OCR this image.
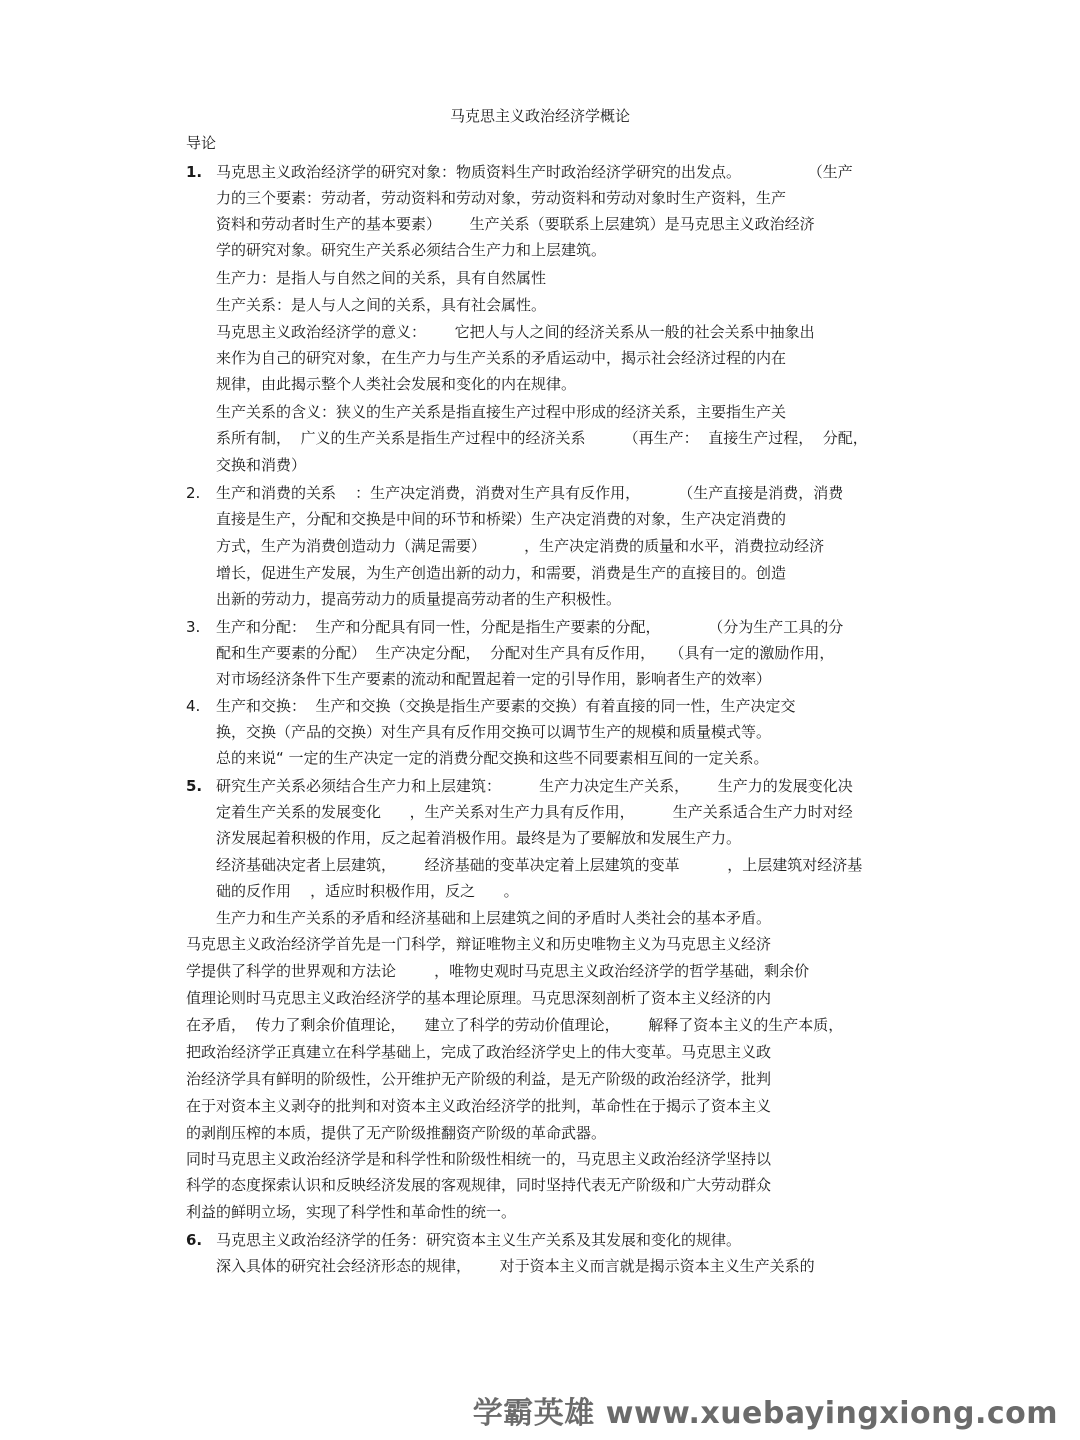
马克思主义政治经济学概论
导论
1.
2.
3.
4.
5.
6.
马克思主义政治经济学的研究对象：物质资料生产时政治经济学研究的出发点。              （生产
力的三个要素：劳动者，劳动资料和劳动对象，劳动资料和劳动对象时生产资料，生产
资料和劳动者时生产的基本要素）      生产关系（要联系上层建筑）是马克思主义政治经济
学的研究对象。研究生产关系必须结合生产力和上层建筑。
生产力：是指人与自然之间的关系，具有自然属性
生产关系：是人与人之间的关系，具有社会属性。
马克思主义政治经济学的意义：      它把人与人之间的经济关系从一般的社会关系中抽象出
来作为自己的研究对象，在生产力与生产关系的矛盾运动中，揭示社会经济过程的内在
规律，由此揭示整个人类社会发展和变化的内在规律。
生产关系的含义：狭义的生产关系是指直接生产过程中形成的经济关系，主要指生产关
系所有制，  广义的生产关系是指生产过程中的经济关系        （再生产：  直接生产过程，  分配，
交换和消费）
生产和消费的关系    ：生产决定消费，消费对生产具有反作用，        （生产直接是消费，消费
直接是生产，分配和交换是中间的环节和桥梁）生产决定消费的对象，生产决定消费的
方式，生产为消费创造动力（满足需要）        ，生产决定消费的质量和水平，消费拉动经济
增长，促进生产发展，为生产创造出新的动力，和需要，消费是生产的直接目的。创造
出新的劳动力，提高劳动力的质量提高劳动者的生产积极性。
生产和分配：  生产和分配具有同一性，分配是指生产要素的分配，          （分为生产工具的分
配和生产要素的分配）  生产决定分配，  分配对生产具有反作用，   （具有一定的激励作用，
对市场经济条件下生产要素的流动和配置起着一定的引导作用，影响者生产的效率）
生产和交换：  生产和交换（交换是指生产要素的交换）有着直接的同一性，生产决定交
换，交换（产品的交换）对生产具有反作用交换可以调节生产的规模和质量模式等。
总的来说“ 一定的生产决定一定的消费分配交换和这些不同要素相互间的一定关系。
研究生产关系必须结合生产力和上层建筑：        生产力决定生产关系，      生产力的发展变化决
定着生产关系的发展变化      ，生产关系对生产力具有反作用，        生产关系适合生产力时对经
济发展起着积极的作用，反之起着消极作用。最终是为了要解放和发展生产力。
经济基础决定者上层建筑，      经济基础的变革决定着上层建筑的变革          ，上层建筑对经济基
础的反作用    ，适应时积极作用，反之      。
生产力和生产关系的矛盾和经济基础和上层建筑之间的矛盾时人类社会的基本矛盾。
马克思主义政治经济学首先是一门科学，辩证唯物主义和历史唯物主义为马克思主义经济
学提供了科学的世界观和方法论        ，唯物史观时马克思主义政治经济学的哲学基础，剩余价
值理论则时马克思主义政治经济学的基本理论原理。马克思深刻剖析了资本主义经济的内
在矛盾，  传力了剩余价值理论，    建立了科学的劳动价值理论，      解释了资本主义的生产本质，
把政治经济学正真建立在科学基础上，完成了政治经济学史上的伟大变革。马克思主义政
治经济学具有鲜明的阶级性，公开维护无产阶级的利益，是无产阶级的政治经济学，批判
在于对资本主义剥夺的批判和对资本主义政治经济学的批判，革命性在于揭示了资本主义
的剥削压榨的本质，提供了无产阶级推翻资产阶级的革命武器。
同时马克思主义政治经济学是和科学性和阶级性相统一的，马克思主义政治经济学坚持以
科学的态度探索认识和反映经济发展的客观规律，同时坚持代表无产阶级和广大劳动群众
利益的鲜明立场，实现了科学性和革命性的统一。
马克思主义政治经济学的任务：研究资本主义生产关系及其发展和变化的规律。
深入具体的研究社会经济形态的规律，      对于资本主义而言就是揭示资本主义生产关系的
学霸英雄 www.xuebayingxiong.com
